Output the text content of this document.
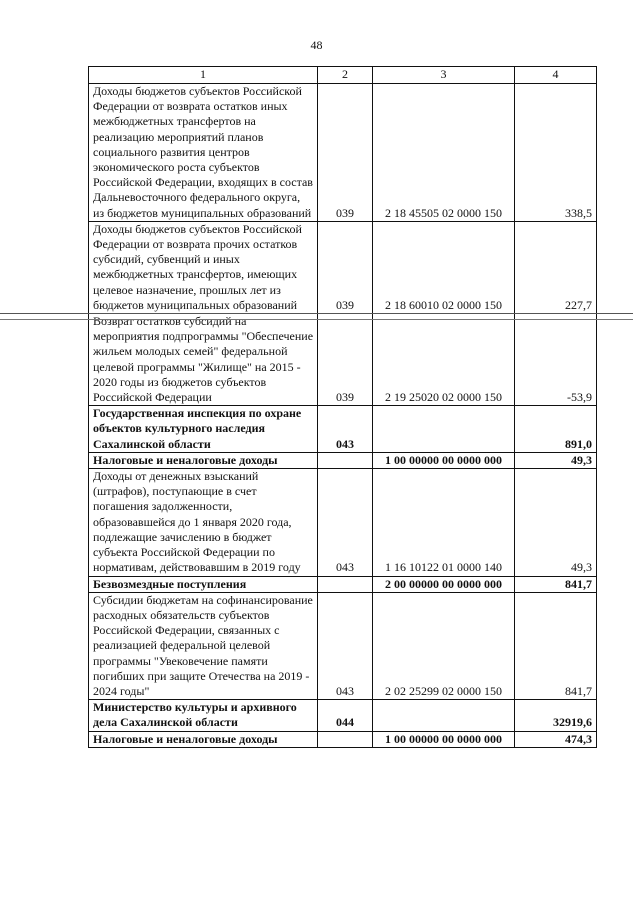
48
1	2	3	4
Доходы бюджетов субъектов Российской Федерации от возврата остатков иных межбюджетных трансфертов на реализацию мероприятий планов социального развития центров экономического роста субъектов Российской Федерации, входящих в состав Дальневосточного федерального округа, из бюджетов муниципальных образований	039	2 18 45505 02 0000 150	338,5
Доходы бюджетов субъектов Российской Федерации от возврата прочих остатков субсидий, субвенций и иных межбюджетных трансфертов, имеющих целевое назначение, прошлых лет из бюджетов муниципальных образований	039	2 18 60010 02 0000 150	227,7
Возврат остатков субсидий на мероприятия подпрограммы "Обеспечение жильем молодых семей" федеральной целевой программы "Жилище" на 2015 - 2020 годы из бюджетов субъектов Российской Федерации	039	2 19 25020 02 0000 150	-53,9
Государственная инспекция по охране объектов культурного наследия Сахалинской области	043		891,0
Налоговые и неналоговые доходы		1 00 00000 00 0000 000	49,3
Доходы от денежных взысканий (штрафов), поступающие в счет погашения задолженности, образовавшейся до 1 января 2020 года, подлежащие зачислению в бюджет субъекта Российской Федерации по нормативам, действовавшим в 2019 году	043	1 16 10122 01 0000 140	49,3
Безвозмездные поступления		2 00 00000 00 0000 000	841,7
Субсидии бюджетам на софинансирование расходных обязательств субъектов Российской Федерации, связанных с реализацией федеральной целевой программы "Увековечение памяти погибших при защите Отечества на 2019 - 2024 годы"	043	2 02 25299 02 0000 150	841,7
Министерство культуры и архивного дела Сахалинской области	044		32919,6
Налоговые и неналоговые доходы		1 00 00000 00 0000 000	474,3
